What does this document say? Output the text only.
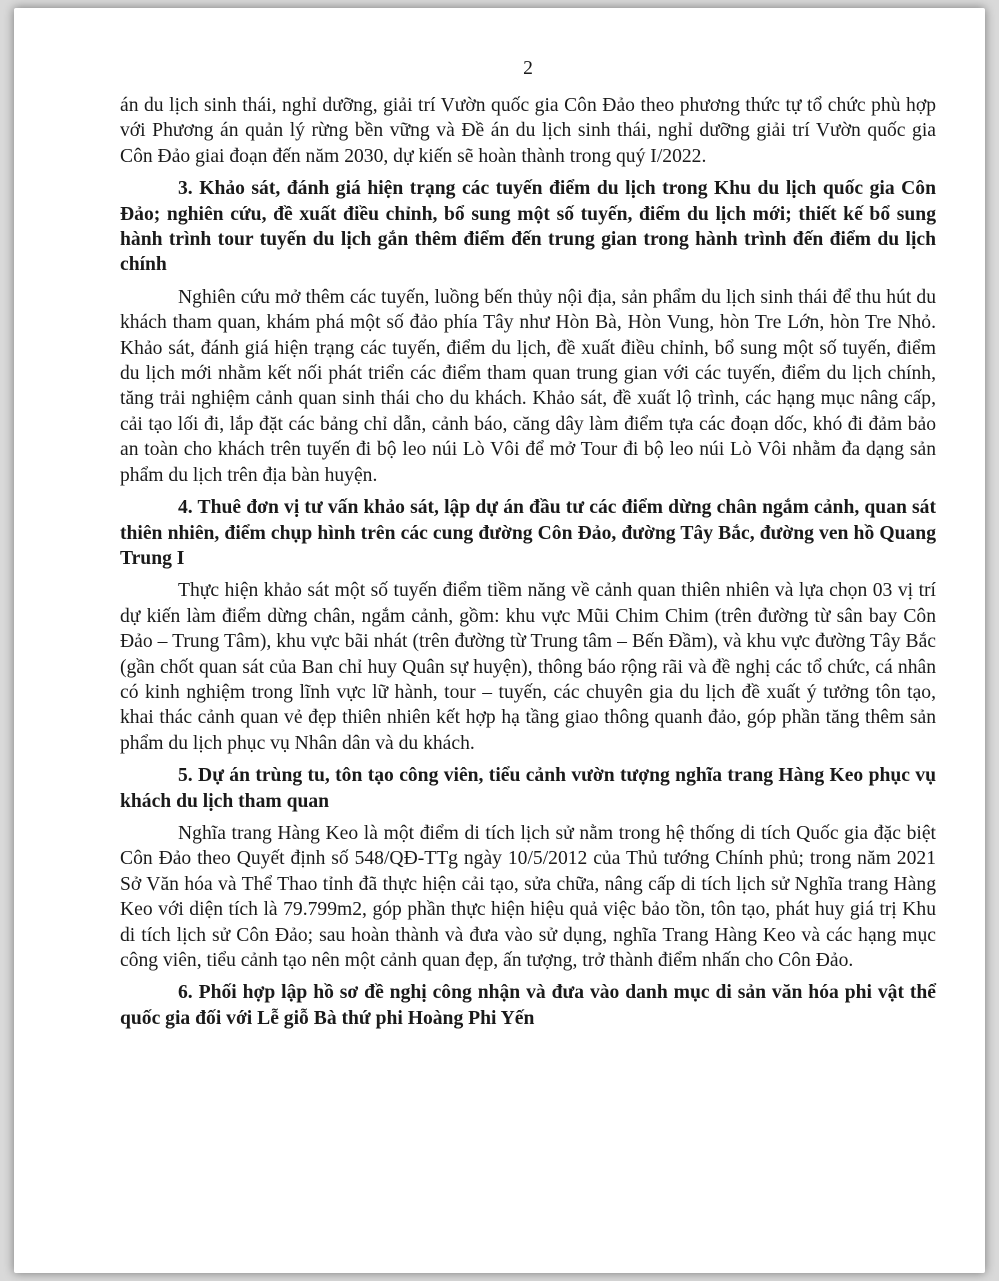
2

án du lịch sinh thái, nghỉ dưỡng, giải trí Vườn quốc gia Côn Đảo theo phương thức tự tổ chức phù hợp với Phương án quản lý rừng bền vững và Đề án du lịch sinh thái, nghỉ dưỡng giải trí Vườn quốc gia Côn Đảo giai đoạn đến năm 2030, dự kiến sẽ hoàn thành trong quý I/2022.

3. Khảo sát, đánh giá hiện trạng các tuyến điểm du lịch trong Khu du lịch quốc gia Côn Đảo; nghiên cứu, đề xuất điều chỉnh, bổ sung một số tuyến, điểm du lịch mới; thiết kế bổ sung hành trình tour tuyến du lịch gắn thêm điểm đến trung gian trong hành trình đến điểm du lịch chính

Nghiên cứu mở thêm các tuyến, luồng bến thủy nội địa, sản phẩm du lịch sinh thái để thu hút du khách tham quan, khám phá một số đảo phía Tây như Hòn Bà, Hòn Vung, hòn Tre Lớn, hòn Tre Nhỏ. Khảo sát, đánh giá hiện trạng các tuyến, điểm du lịch, đề xuất điều chỉnh, bổ sung một số tuyến, điểm du lịch mới nhằm kết nối phát triển các điểm tham quan trung gian với các tuyến, điểm du lịch chính, tăng trải nghiệm cảnh quan sinh thái cho du khách. Khảo sát, đề xuất lộ trình, các hạng mục nâng cấp, cải tạo lối đi, lắp đặt các bảng chỉ dẫn, cảnh báo, căng dây làm điểm tựa các đoạn dốc, khó đi đảm bảo an toàn cho khách trên tuyến đi bộ leo núi Lò Vôi để mở Tour đi bộ leo núi Lò Vôi nhằm đa dạng sản phẩm du lịch trên địa bàn huyện.

4. Thuê đơn vị tư vấn khảo sát, lập dự án đầu tư các điểm dừng chân ngắm cảnh, quan sát thiên nhiên, điểm chụp hình trên các cung đường Côn Đảo, đường Tây Bắc, đường ven hồ Quang Trung I

Thực hiện khảo sát một số tuyến điểm tiềm năng về cảnh quan thiên nhiên và lựa chọn 03 vị trí dự kiến làm điểm dừng chân, ngắm cảnh, gồm: khu vực Mũi Chim Chim (trên đường từ sân bay Côn Đảo – Trung Tâm), khu vực bãi nhát (trên đường từ Trung tâm – Bến Đầm), và khu vực đường Tây Bắc (gần chốt quan sát của Ban chỉ huy Quân sự huyện), thông báo rộng rãi và đề nghị các tổ chức, cá nhân có kinh nghiệm trong lĩnh vực lữ hành, tour – tuyến, các chuyên gia du lịch đề xuất ý tưởng tôn tạo, khai thác cảnh quan vẻ đẹp thiên nhiên kết hợp hạ tầng giao thông quanh đảo, góp phần tăng thêm sản phẩm du lịch phục vụ Nhân dân và du khách.

5. Dự án trùng tu, tôn tạo công viên, tiểu cảnh vườn tượng nghĩa trang Hàng Keo phục vụ khách du lịch tham quan

Nghĩa trang Hàng Keo là một điểm di tích lịch sử nằm trong hệ thống di tích Quốc gia đặc biệt Côn Đảo theo Quyết định số 548/QĐ-TTg ngày 10/5/2012 của Thủ tướng Chính phủ; trong năm 2021 Sở Văn hóa và Thể Thao tỉnh đã thực hiện cải tạo, sửa chữa, nâng cấp di tích lịch sử Nghĩa trang Hàng Keo với diện tích là 79.799m2, góp phần thực hiện hiệu quả việc bảo tồn, tôn tạo, phát huy giá trị Khu di tích lịch sử Côn Đảo; sau hoàn thành và đưa vào sử dụng, nghĩa Trang Hàng Keo và các hạng mục công viên, tiểu cảnh tạo nên một cảnh quan đẹp, ấn tượng, trở thành điểm nhấn cho Côn Đảo.

6. Phối hợp lập hồ sơ đề nghị công nhận và đưa vào danh mục di sản văn hóa phi vật thể quốc gia đối với Lễ giỗ Bà thứ phi Hoàng Phi Yến
